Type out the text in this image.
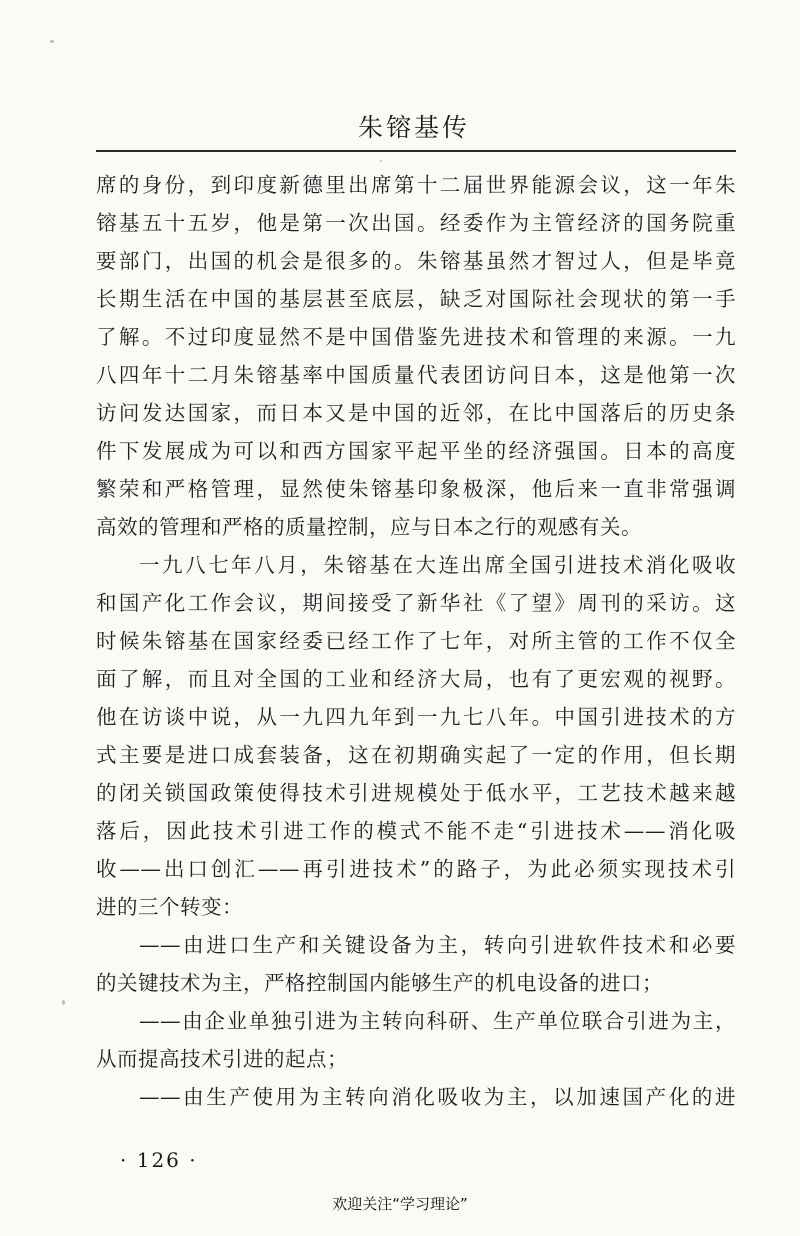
朱镕基传
席的身份，到印度新德里出席第十二届世界能源会议，这一年朱
镕基五十五岁，他是第一次出国。经委作为主管经济的国务院重
要部门，出国的机会是很多的。朱镕基虽然才智过人，但是毕竟
长期生活在中国的基层甚至底层，缺乏对国际社会现状的第一手
了解。不过印度显然不是中国借鉴先进技术和管理的来源。一九
八四年十二月朱镕基率中国质量代表团访问日本，这是他第一次
访问发达国家，而日本又是中国的近邻，在比中国落后的历史条
件下发展成为可以和西方国家平起平坐的经济强国。日本的高度
繁荣和严格管理，显然使朱镕基印象极深，他后来一直非常强调
高效的管理和严格的质量控制，应与日本之行的观感有关。
一九八七年八月，朱镕基在大连出席全国引进技术消化吸收
和国产化工作会议，期间接受了新华社《了望》周刊的采访。这
时候朱镕基在国家经委已经工作了七年，对所主管的工作不仅全
面了解，而且对全国的工业和经济大局，也有了更宏观的视野。
他在访谈中说，从一九四九年到一九七八年。中国引进技术的方
式主要是进口成套装备，这在初期确实起了一定的作用，但长期
的闭关锁国政策使得技术引进规模处于低水平，工艺技术越来越
落后，因此技术引进工作的模式不能不走“引进技术——消化吸
收——出口创汇——再引进技术”的路子，为此必须实现技术引
进的三个转变：
——由进口生产和关键设备为主，转向引进软件技术和必要
的关键技术为主，严格控制国内能够生产的机电设备的进口；
——由企业单独引进为主转向科研、生产单位联合引进为主，
从而提高技术引进的起点；
——由生产使用为主转向消化吸收为主，以加速国产化的进
· 126 ·
欢迎关注“学习理论”
